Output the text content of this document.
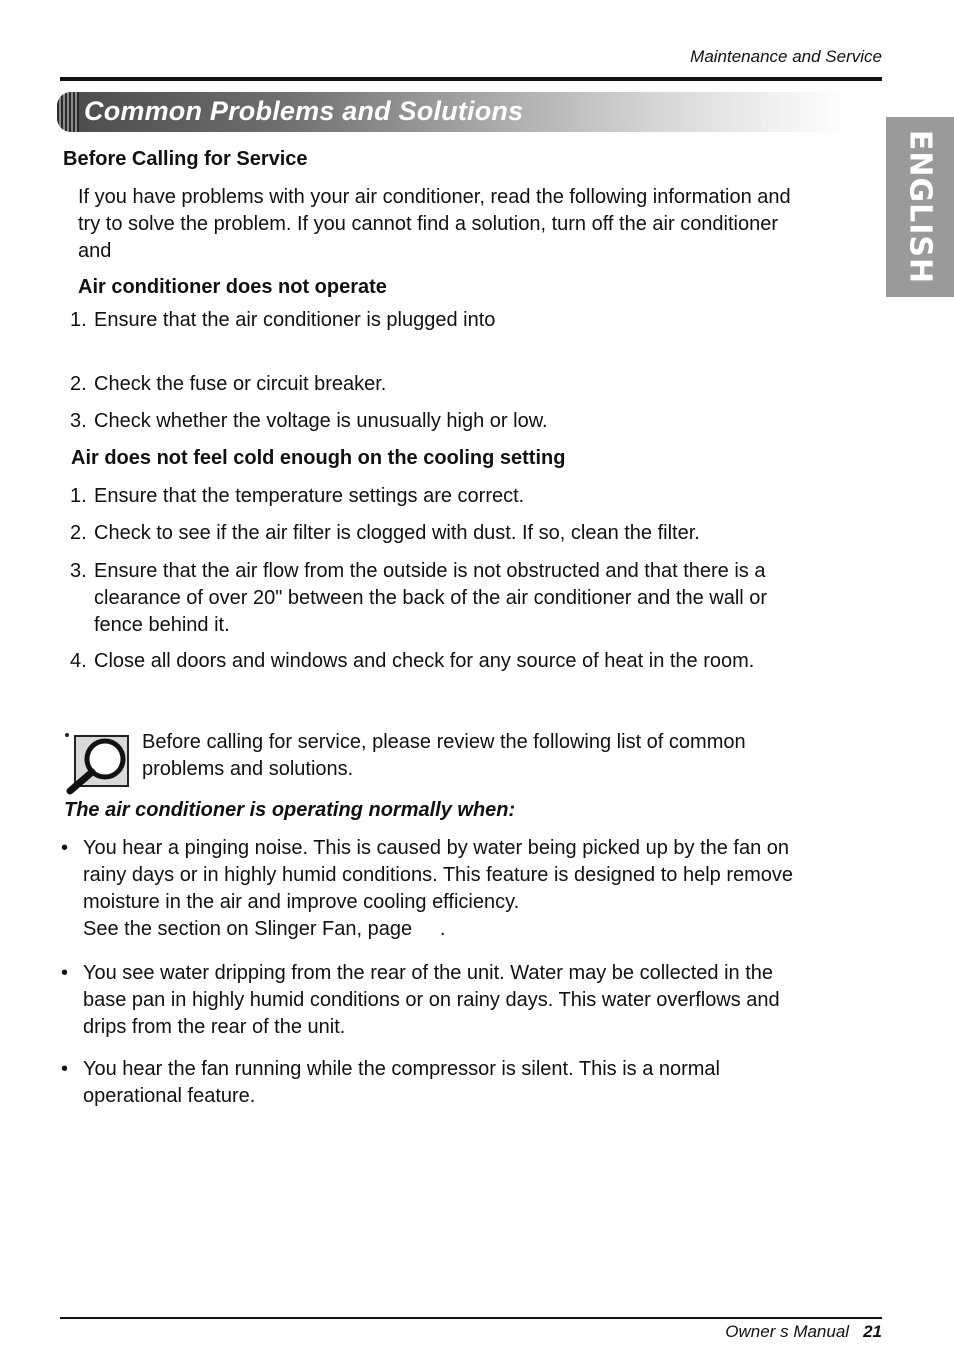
Maintenance and Service
Common Problems and Solutions
ENGLISH
Before Calling for Service
If you have problems with your air conditioner, read the following information and
try to solve the problem. If you cannot find a solution, turn off the air conditioner
and
Air conditioner does not operate
1. Ensure that the air conditioner is plugged into
2. Check the fuse or circuit breaker.
3. Check whether the voltage is unusually high or low.
Air does not feel cold enough on the cooling setting
1. Ensure that the temperature settings are correct.
2. Check to see if the air filter is clogged with dust. If so, clean the filter.
3. Ensure that the air flow from the outside is not obstructed and that there is a
clearance of over 20" between the back of the air conditioner and the wall or
fence behind it.
4. Close all doors and windows and check for any source of heat in the room.
Before calling for service, please review the following list of common
problems and solutions.
The air conditioner is operating normally when:
• You hear a pinging noise. This is caused by water being picked up by the fan on
rainy days or in highly humid conditions. This feature is designed to help remove
moisture in the air and improve cooling efficiency.
See the section on Slinger Fan, page     .
• You see water dripping from the rear of the unit. Water may be collected in the
base pan in highly humid conditions or on rainy days. This water overflows and
drips from the rear of the unit.
• You hear the fan running while the compressor is silent. This is a normal
operational feature.
Owner s Manual 21
